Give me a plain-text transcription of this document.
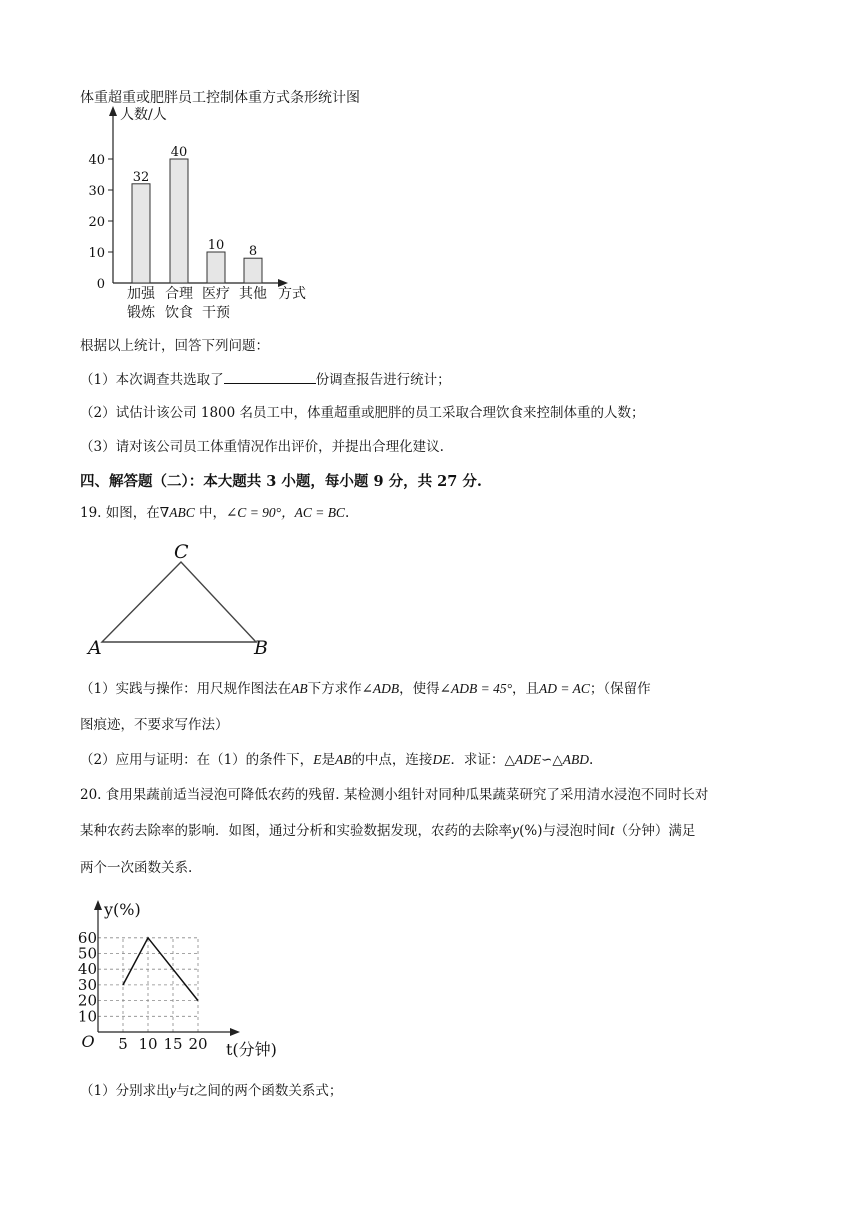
体重超重或肥胖员工控制体重方式条形统计图
人数/人
方式
0
10
20
30
40
32
加强
锻炼
40
合理
饮食
10
医疗
干预
8
其他
根据以上统计，回答下列问题：
（1）本次调查共选取了	份调查报告进行统计；
（2）试估计该公司 1800 名员工中，体重超重或肥胖的员工采取合理饮食来控制体重的人数；
（3）请对该公司员工体重情况作出评价，并提出合理化建议.
四、解答题（二）：本大题共 3 小题，每小题 9 分，共 27 分.
19. 如图，在∇ABC 中，∠C = 90°，AC = BC.
C
A	B
（1）实践与操作：用尺规作图法在AB下方求作∠ADB，使得∠ADB = 45°，且AD = AC；（保留作
图痕迹，不要求写作法）
（2）应用与证明：在（1）的条件下，E是AB的中点，连接DE．求证：△ADE∽△ABD.
20. 食用果蔬前适当浸泡可降低农药的残留. 某检测小组针对同种瓜果蔬菜研究了采用清水浸泡不同时长对
某种农药去除率的影响．如图，通过分析和实验数据发现，农药的去除率y(%)与浸泡时间t（分钟）满足
两个一次函数关系.
y(%)
t(分钟)
O
10
20
30
40
50
60
5 10 15 20
（1）分别求出y与t之间的两个函数关系式；
